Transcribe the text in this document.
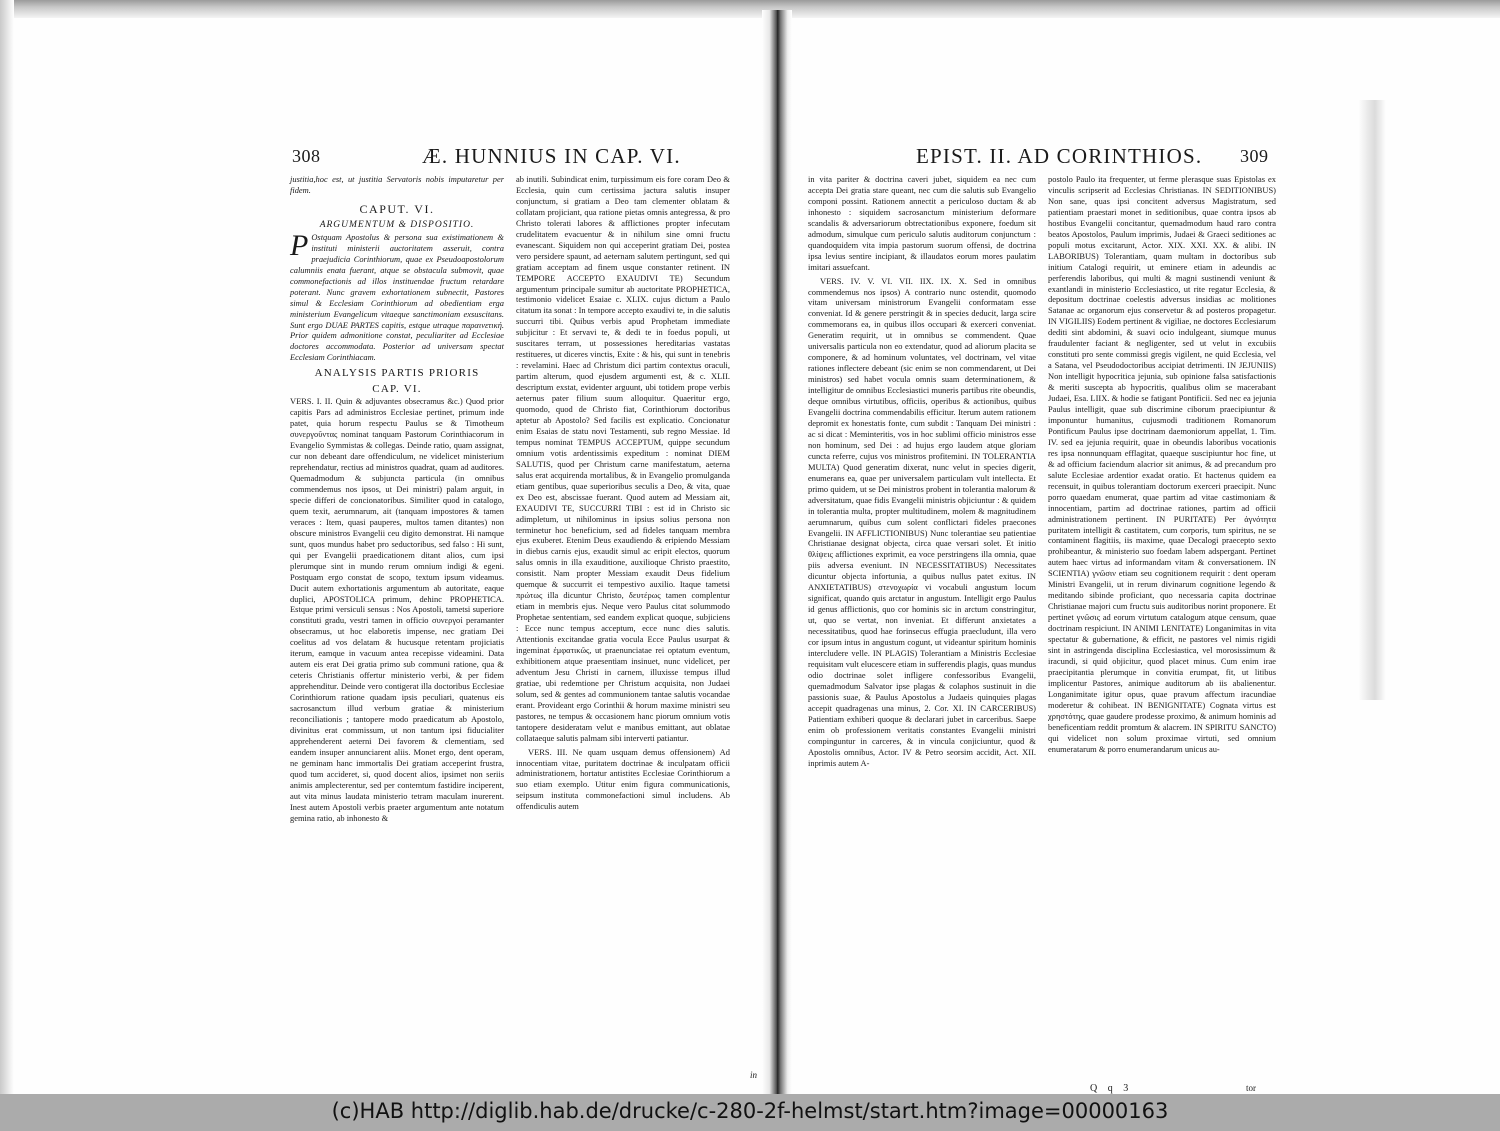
308	Æ. HUNNIUS IN CAP. VI.

justitia,hoc est, ut justitia Servatoris nobis imputaretur per fidem.

CAPUT. VI.
ARGUMENTUM & DISPOSITIO.

P Ostquam Apostolus & persona sua existimationem & instituti ministerii auctoritatem asseruit, contra praejudicia Corinthiorum, quae ex Pseudoapostolorum calumniis enata fuerant, atque se obstacula submovit, quae commonefactionis ad illos instituendae fructum retardare poterant. Nunc gravem exhortationem subnectit, Pastores simul & Ecclesiam Corinthiorum ad obedientiam erga ministerium Evangelicum vitaeque sanctimoniam exsuscitans. Sunt ergo DUAE PARTES capitis, estque utraque παραινετική. Prior quidem admonitione constat, peculiariter ad Ecclesiae doctores accommodata. Posterior ad universam spectat Ecclesiam Corinthiacam.

ANALYSIS PARTIS PRIORIS
CAP. VI.

VERS. I. II. Quin & adjuvantes obsecramus &c.) Quod prior capitis Pars ad administros Ecclesiae pertinet, primum inde patet, quia horum respectu Paulus se & Timotheum συνεργοῦντας nominat tanquam Pastorum Corinthiacorum in Evangelio Symmistas & collegas. Deinde ratio, quam assignat, cur non debeant dare offendiculum, ne videlicet ministerium reprehendatur, rectius ad ministros quadrat, quam ad auditores. Quemadmodum & subjuncta particula (in omnibus commendemus nos ipsos, ut Dei ministri) palam arguit, in specie differi de concionatoribus. Similiter quod in catalogo, quem texit, aerumnarum, ait (tanquam impostores & tamen veraces : Item, quasi pauperes, multos tamen ditantes) non obscure ministros Evangelii ceu digito demonstrat. Hi namque sunt, quos mundus habet pro seductoribus, sed falso : Hi sunt, qui per Evangelii praedicationem ditant alios, cum ipsi plerumque sint in mundo rerum omnium indigi & egeni. Postquam ergo constat de scopo, textum ipsum videamus. Ducit autem exhortationis argumentum ab autoritate, eaque duplici, APOSTOLICA primum, dehinc PROPHETICA. Estque primi versiculi sensus : Nos Apostoli, tametsi superiore constituti gradu, vestri tamen in officio συνεργοί peramanter obsecramus, ut hoc elaboretis impense, nec gratiam Dei coelitus ad vos delatam & hucusque retentam projiciatis iterum, eamque in vacuum antea recepisse videamini. Data autem eis erat Dei gratia primo sub communi ratione, qua & ceteris Christianis offertur ministerio verbi, & per fidem apprehenditur. Deinde vero contigerat illa doctoribus Ecclesiae Corinthiorum ratione quadam ipsis peculiari, quatenus eis sacrosanctum illud verbum gratiae & ministerium reconciliationis ; tantopere modo praedicatum ab Apostolo, divinitus erat commissum, ut non tantum ipsi fiducialiter apprehenderent aeterni Dei favorem & clementiam, sed eandem insuper annunciarent aliis. Monet ergo, dent operam, ne geminam hanc immortalis Dei gratiam acceperint frustra, quod tum accideret, si, quod docent alios, ipsimet non seriis animis amplecterentur, sed per contemtum fastidire inciperent, aut vita minus laudata ministerio tetram maculam inurerent. Inest autem Apostoli verbis praeter argumentum ante notatum gemina ratio, ab inhonesto &

ab inutili. Subindicat enim, turpissimum eis fore coram Deo & Ecclesia, quin cum certissima jactura salutis insuper conjunctum, si gratiam a Deo tam clementer oblatam & collatam projiciant, qua ratione pietas omnis antegressa, & pro Christo tolerati labores & afflictiones propter infecutam crudelitatem evacuentur & in nihilum sine omni fructu evanescant. Siquidem non qui acceperint gratiam Dei, postea vero persidere spaunt, ad aeternam salutem pertingunt, sed qui gratiam acceptam ad finem usque constanter retinent. IN TEMPORE ACCEPTO EXAUDIVI TE) Secundum argumentum principale sumitur ab auctoritate PROPHETICA, testimonio videlicet Esaiae c. XLIX. cujus dictum a Paulo citatum ita sonat : In tempore accepto exaudivi te, in die salutis succurri tibi. Quibus verbis apud Prophetam immediate subjicitur : Et servavi te, & dedi te in foedus populi, ut suscitares terram, ut possessiones hereditarias vastatas restitueres, ut diceres vinctis, Exite : & his, qui sunt in tenebris : revelamini. Haec ad Christum dici partim contextus oraculi, partim alterum, quod ejusdem argumenti est, & c. XLII. descriptum exstat, evidenter arguunt, ubi totidem prope verbis aeternus pater filium suum alloquitur. Quaeritur ergo, quomodo, quod de Christo fiat, Corinthiorum doctoribus aptetur ab Apostolo? Sed facilis est explicatio. Concionatur enim Esaias de statu novi Testamenti, sub regno Messiae. Id tempus nominat TEMPUS ACCEPTUM, quippe secundum omnium votis ardentissimis expeditum : nominat DIEM SALUTIS, quod per Christum carne manifestatum, aeterna salus erat acquirenda mortalibus, & in Evangelio promulganda etiam gentibus, quae superioribus seculis a Deo, & vita, quae ex Deo est, abscissae fuerant. Quod autem ad Messiam ait, EXAUDIVI TE, SUCCURRI TIBI : est id in Christo sic adimpletum, ut nihilominus in ipsius solius persona non terminetur hoc beneficium, sed ad fideles tanquam membra ejus exuberet. Etenim Deus exaudiendo & eripiendo Messiam in diebus carnis ejus, exaudit simul ac eripit electos, quorum salus omnis in illa exauditione, auxilioque Christo praestito, consistit. Nam propter Messiam exaudit Deus fidelium quemque & succurrit ei tempestivo auxilio. Itaque tametsi πρώτως illa dicuntur Christo, δευτέρως tamen complentur etiam in membris ejus. Neque vero Paulus citat solummodo Prophetae sententiam, sed eandem explicat quoque, subjiciens : Ecce nunc tempus acceptum, ecce nunc dies salutis. Attentionis excitandae gratia vocula Ecce Paulus usurpat & ingeminat ἐμφατικῶς, ut praenunciatae rei optatum eventum, exhibitionem atque praesentiam insinuet, nunc videlicet, per adventum Jesu Christi in carnem, illuxisse tempus illud gratiae, ubi redemtione per Christum acquisita, non Judaei solum, sed & gentes ad communionem tantae salutis vocandae erant. Provideant ergo Corinthii & horum maxime ministri seu pastores, ne tempus & occasionem hanc piorum omnium votis tantopere desideratam velut e manibus emittant, aut oblatae collataeque salutis palmam sibi interverti patiantur.

VERS. III. Ne quam usquam demus offensionem) Ad innocentiam vitae, puritatem doctrinae & inculpatam officii administrationem, hortatur antistites Ecclesiae Corinthiorum a suo etiam exemplo. Utitur enim figura communicationis, seipsum instituta commonefactioni simul includens. Ab offendiculis autem

in
EPIST. II. AD CORINTHIOS. 309

in vita pariter & doctrina caveri jubet, siquidem ea nec cum accepta Dei gratia stare queant, nec cum die salutis sub Evangelio componi possint. Rationem annectit a periculoso ductam & ab inhonesto : siquidem sacrosanctum ministerium deformare scandalis & adversariorum obtrectationibus exponere, foedum sit admodum, simulque cum periculo salutis auditorum conjunctum : quandoquidem vita impia pastorum suorum offensi, de doctrina ipsa levius sentire incipiant, & illaudatos eorum mores paulatim imitari assuefcant.

VERS. IV. V. VI. VII. IIX. IX. X. Sed in omnibus commendemus nos ipsos) A contrario nunc ostendit, quomodo vitam universam ministrorum Evangelii conformatam esse conveniat. Id & genere perstringit & in species deducit, larga scire commemorans ea, in quibus illos occupari & exerceri conveniat. Generatim requirit, ut in omnibus se commendent. Quae universalis particula non eo extendatur, quod ad aliorum placita se componere, & ad hominum voluntates, vel doctrinam, vel vitae rationes inflectere debeant (sic enim se non commendarent, ut Dei ministros) sed habet vocula omnis suam determinationem, & intelligitur de omnibus Ecclesiastici muneris partibus rite obeundis, deque omnibus virtutibus, officiis, operibus & actionibus, quibus Evangelii doctrina commendabilis efficitur. Iterum autem rationem depromit ex honestatis fonte, cum subdit : Tanquam Dei ministri : ac si dicat : Meminteritis, vos in hoc sublimi officio ministros esse non hominum, sed Dei : ad hujus ergo laudem atque gloriam cuncta referre, cujus vos ministros profitemini. IN TOLERANTIA MULTA) Quod generatim dixerat, nunc velut in species digerit, enumerans ea, quae per universalem particulam vult intellecta. Et primo quidem, ut se Dei ministros probent in tolerantia malorum & adversitatum, quae fidis Evangelii ministris objiciuntur : & quidem in tolerantia multa, propter multitudinem, molem & magnitudinem aerumnarum, quibus cum solent conflictari fideles praecones Evangelii. IN AFFLICTIONIBUS) Nunc tolerantiae seu patientiae Christianae designat objecta, circa quae versari solet. Et initio θλίψεις afflictiones exprimit, ea voce perstringens illa omnia, quae piis adversa eveniunt. IN NECESSITATIBUS) Necessitates dicuntur objecta infortunia, a quibus nullus patet exitus. IN ANXIETATIBUS) στενοχωρία vi vocabuli angustum locum significat, quando quis arctatur in angustum. Intelligit ergo Paulus id genus afflictionis, quo cor hominis sic in arctum constringitur, ut, quo se vertat, non inveniat. Et differunt anxietates a necessitatibus, quod hae forinsecus effugia praecludunt, illa vero cor ipsum intus in angustum cogunt, ut videantur spiritum hominis intercludere velle. IN PLAGIS) Tolerantiam a Ministris Ecclesiae requisitam vult elucescere etiam in sufferendis plagis, quas mundus odio doctrinae solet infligere confessoribus Evangelii, quemadmodum Salvator ipse plagas & colaphos sustinuit in die passionis suae, & Paulus Apostolus a Judaeis quinquies plagas accepit quadragenas una minus, 2. Cor. XI. IN CARCERIBUS) Patientiam exhiberi quoque & declarari jubet in carceribus. Saepe enim ob professionem veritatis constantes Evangelii ministri compinguntur in carceres, & in vincula conjiciuntur, quod & Apostolis omnibus, Actor. IV & Petro seorsim accidit, Act. XII. inprimis autem A-

postolo Paulo ita frequenter, ut ferme plerasque suas Epistolas ex vinculis scripserit ad Ecclesias Christianas. IN SEDITIONIBUS) Non sane, quas ipsi concitent adversus Magistratum, sed patientiam praestari monet in seditionibus, quae contra ipsos ab hostibus Evangelii concitantur, quemadmodum haud raro contra beatos Apostolos, Paulum imprimis, Judaei & Graeci seditiones ac populi motus excitarunt, Actor. XIX. XXI. XX. & alibi. IN LABORIBUS) Tolerantiam, quam multam in doctoribus sub initium Catalogi requirit, ut eminere etiam in adeundis ac perferendis laboribus, qui multi & magni sustinendi veniunt & exantlandi in ministerio Ecclesiastico, ut rite regatur Ecclesia, & depositum doctrinae coelestis adversus insidias ac molitiones Satanae ac organorum ejus conservetur & ad posteros propagetur. IN VIGILIIS) Eodem pertinent & vigiliae, ne doctores Ecclesiarum dediti sint abdomini, & suavi ocio indulgeant, siumque munus fraudulenter faciant & negligenter, sed ut velut in excubiis constituti pro sente commissi gregis vigilent, ne quid Ecclesia, vel a Satana, vel Pseudodoctoribus accipiat detrimenti. IN JEJUNIIS) Non intelligit hypocritica jejunia, sub opinione falsa satisfactionis & meriti suscepta ab hypocritis, qualibus olim se macerabant Judaei, Esa. LIIX. & hodie se fatigant Pontificii. Sed nec ea jejunia Paulus intelligit, quae sub discrimine ciborum praecipiuntur & imponuntur humanitus, cujusmodi traditionem Romanorum Pontificum Paulus ipse doctrinam daemoniorum appellat, 1. Tim. IV. sed ea jejunia requirit, quae in obeundis laboribus vocationis res ipsa nonnunquam efflagitat, quaeque suscipiuntur hoc fine, ut & ad officium faciendum alacrior sit animus, & ad precandum pro salute Ecclesiae ardentior exadat oratio. Et hactenus quidem ea recensuit, in quibus tolerantiam doctorum exerceri praecipit. Nunc porro quaedam enumerat, quae partim ad vitae castimoniam & innocentiam, partim ad doctrinae rationes, partim ad officii administrationem pertinent. IN PURITATE) Per ἁγνότητα puritatem intelligit & castitatem, cum corporis, tum spiritus, ne se contaminent flagitiis, iis maxime, quae Decalogi praecepto sexto prohibeantur, & ministerio suo foedam labem adspergant. Pertinet autem haec virtus ad informandam vitam & conversationem. IN SCIENTIA) γνῶσιν etiam seu cognitionem requirit : dent operam Ministri Evangelii, ut in rerum divinarum cognitione legendo & meditando sibinde proficiant, quo necessaria capita doctrinae Christianae majori cum fructu suis auditoribus norint proponere. Et pertinet γνῶσις ad eorum virtutum catalogum atque censum, quae doctrinam respiciunt. IN ANIMI LENITATE) Longanimitas in vita spectatur & gubernatione, & efficit, ne pastores vel nimis rigidi sint in astringenda disciplina Ecclesiastica, vel morosissimum & iracundi, si quid objicitur, quod placet minus. Cum enim irae praecipitantia plerumque in convitia erumpat, fit, ut litibus implicentur Pastores, animique auditorum ab iis abalienentur. Longanimitate igitur opus, quae pravum affectum iracundiae moderetur & cohibeat. IN BENIGNITATE) Cognata virtus est χρηστότης, quae gaudere prodesse proximo, & animum hominis ad beneficentiam reddit promtum & alacrem. IN SPIRITU SANCTO) qui videlicet non solum proximae virtuti, sed omnium enumeratarum & porro enumerandarum unicus au-

Q q 3	tor
(c)HAB http://diglib.hab.de/drucke/c-280-2f-helmst/start.htm?image=00000163
